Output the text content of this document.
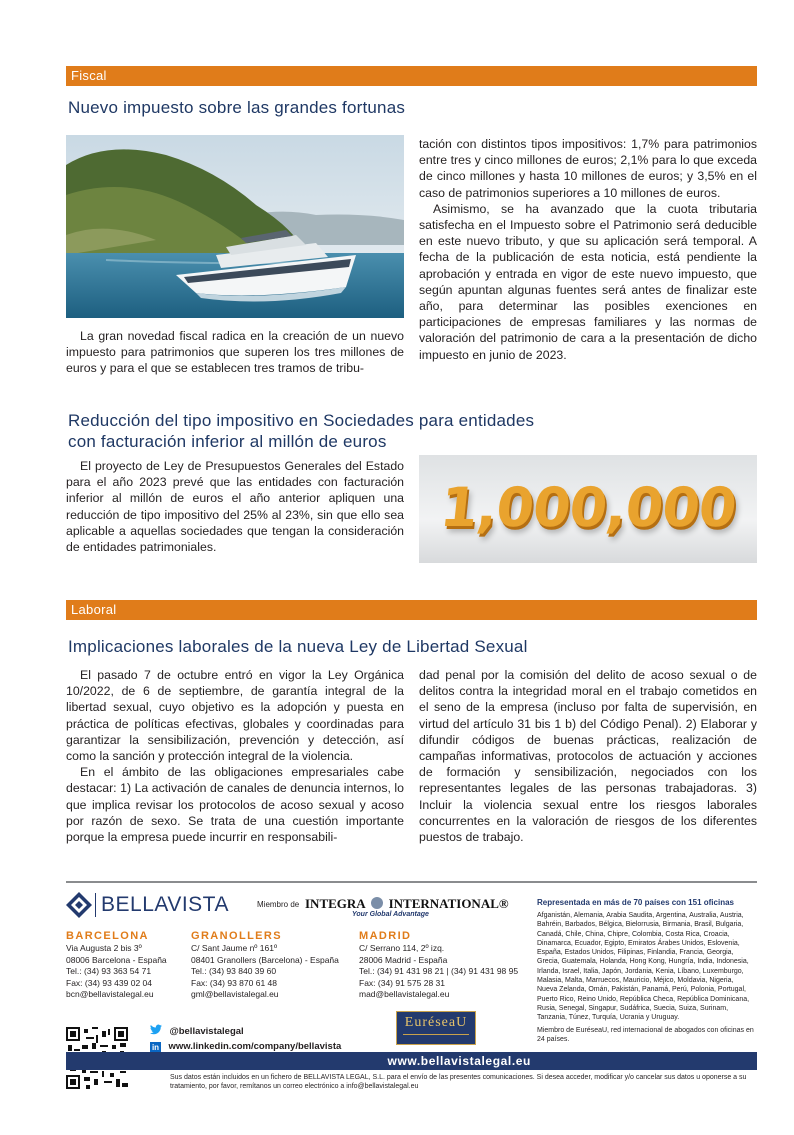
Fiscal
Nuevo impuesto sobre las grandes fortunas

La gran novedad fiscal radica en la creación de un nuevo impuesto para patrimonios que superen los tres millones de euros y para el que se establecen tres tramos de tribu-

tación con distintos tipos impositivos: 1,7% para patrimonios entre tres y cinco millones de euros; 2,1% para lo que exceda de cinco millones y hasta 10 millones de euros; y 3,5% en el caso de patrimonios superiores a 10 millones de euros.

Asimismo, se ha avanzado que la cuota tributaria satisfecha en el Impuesto sobre el Patrimonio será deducible en este nuevo tributo, y que su aplicación será temporal. A fecha de la publicación de esta noticia, está pendiente la aprobación y entrada en vigor de este nuevo impuesto, que según apuntan algunas fuentes será antes de finalizar este año, para determinar las posibles exenciones en participaciones de empresas familiares y las normas de valoración del patrimonio de cara a la presentación de dicho impuesto en junio de 2023.

Reducción del tipo impositivo en Sociedades para entidades
con facturación inferior al millón de euros

El proyecto de Ley de Presupuestos Generales del Estado para el año 2023 prevé que las entidades con facturación inferior al millón de euros el año anterior apliquen una reducción de tipo impositivo del 25% al 23%, sin que ello sea aplicable a aquellas sociedades que tengan la consideración de entidades patrimoniales.

1,000,000
Laboral
Implicaciones laborales de la nueva Ley de Libertad Sexual

El pasado 7 de octubre entró en vigor la Ley Orgánica 10/2022, de 6 de septiembre, de garantía integral de la libertad sexual, cuyo objetivo es la adopción y puesta en práctica de políticas efectivas, globales y coordinadas para garantizar la sensibilización, prevención y detección, así como la sanción y protección integral de la violencia.

En el ámbito de las obligaciones empresariales cabe destacar: 1) La activación de canales de denuncia internos, lo que implica revisar los protocolos de acoso sexual y acoso por razón de sexo. Se trata de una cuestión importante porque la empresa puede incurrir en responsabili-

dad penal por la comisión del delito de acoso sexual o de delitos contra la integridad moral en el trabajo cometidos en el seno de la empresa (incluso por falta de supervisión, en virtud del artículo 31 bis 1 b) del Código Penal). 2) Elaborar y difundir códigos de buenas prácticas, realización de campañas informativas, protocolos de actuación y acciones de formación y sensibilización, negociados con los representantes legales de las personas trabajadoras. 3) Incluir la violencia sexual entre los riesgos laborales concurrentes en la valoración de riesgos de los diferentes puestos de trabajo.

BELLAVISTA	Miembro de INTEGRA INTERNATIONAL®
Your Global Advantage
BARCELONA
Via Augusta 2 bis 3º
08006 Barcelona - España
Tel.: (34) 93 363 54 71
Fax: (34) 93 439 02 04
bcn@bellavistalegal.eu
GRANOLLERS
C/ Sant Jaume nº 161º
08401 Granollers (Barcelona) - España
Tel.: (34) 93 840 39 60
Fax: (34) 93 870 61 48
gml@bellavistalegal.eu
MADRID
C/ Serrano 114, 2º izq.
28006 Madrid - España
Tel.: (34) 91 431 98 21 | (34) 91 431 98 95
Fax: (34) 91 575 28 31
mad@bellavistalegal.eu
Representada en más de 70 países con 151 oficinas
Afganistán, Alemania, Arabia Saudita, Argentina, Australia, Austria, Bahréin, Barbados, Bélgica, Bielorrusia, Birmania, Brasil, Bulgaria, Canadá, Chile, China, Chipre, Colombia, Costa Rica, Croacia, Dinamarca, Ecuador, Egipto, Emiratos Árabes Unidos, Eslovenia, España, Estados Unidos, Filipinas, Finlandia, Francia, Georgia, Grecia, Guatemala, Holanda, Hong Kong, Hungría, India, Indonesia, Irlanda, Israel, Italia, Japón, Jordania, Kenia, Líbano, Luxemburgo, Malasia, Malta, Marruecos, Mauricio, Méjico, Moldavia, Nigeria, Nueva Zelanda, Omán, Pakistán, Panamá, Perú, Polonia, Portugal, Puerto Rico, Reino Unido, República Checa, República Dominicana, Rusia, Senegal, Singapur, Sudáfrica, Suecia, Suiza, Surinam, Tanzania, Túnez, Turquía, Ucrania y Uruguay.
Miembro de EuréseaU, red internacional de abogados con oficinas en 24 países.
@bellavistalegal
in www.linkedin.com/company/bellavista
EuréseaU
www.bellavistalegal.eu
Sus datos están incluidos en un fichero de BELLAVISTA LEGAL, S.L. para el envío de las presentes comunicaciones. Si desea acceder, modificar y/o cancelar sus datos u oponerse a su tratamiento, por favor, remítanos un correo electrónico a info@bellavistalegal.eu
